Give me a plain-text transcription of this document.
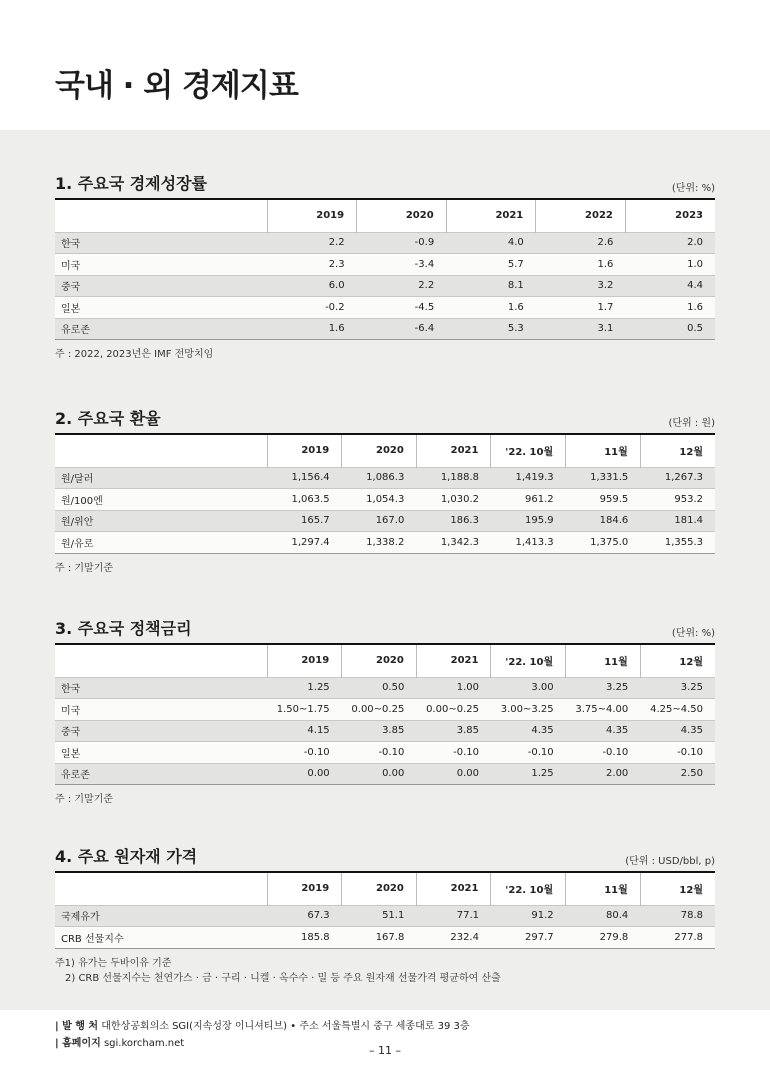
국내 · 외 경제지표
1. 주요국 경제성장률	(단위: %)
	2019	2020	2021	2022	2023
한국	2.2	-0.9	4.0	2.6	2.0
미국	2.3	-3.4	5.7	1.6	1.0
중국	6.0	2.2	8.1	3.2	4.4
일본	-0.2	-4.5	1.6	1.7	1.6
유로존	1.6	-6.4	5.3	3.1	0.5
주 : 2022, 2023년은 IMF 전망치임
2. 주요국 환율	(단위 : 원)
	2019	2020	2021	'22. 10월	11월	12월
원/달러	1,156.4	1,086.3	1,188.8	1,419.3	1,331.5	1,267.3
원/100엔	1,063.5	1,054.3	1,030.2	961.2	959.5	953.2
원/위안	165.7	167.0	186.3	195.9	184.6	181.4
원/유로	1,297.4	1,338.2	1,342.3	1,413.3	1,375.0	1,355.3
주 : 기말기준
3. 주요국 정책금리	(단위: %)
	2019	2020	2021	'22. 10월	11월	12월
한국	1.25	0.50	1.00	3.00	3.25	3.25
미국	1.50~1.75	0.00~0.25	0.00~0.25	3.00~3.25	3.75~4.00	4.25~4.50
중국	4.15	3.85	3.85	4.35	4.35	4.35
일본	-0.10	-0.10	-0.10	-0.10	-0.10	-0.10
유로존	0.00	0.00	0.00	1.25	2.00	2.50
주 : 기말기준
4. 주요 원자재 가격	(단위 : USD/bbl, p)
	2019	2020	2021	'22. 10월	11월	12월
국제유가	67.3	51.1	77.1	91.2	80.4	78.8
CRB 선물지수	185.8	167.8	232.4	297.7	279.8	277.8
주1) 유가는 두바이유 기준
2) CRB 선물지수는 천연가스 · 금 · 구리 · 니켈 · 옥수수 · 밀 등 주요 원자재 선물가격 평균하여 산출
| 발 행 처 대한상공회의소 SGI(지속성장 이니셔티브) • 주소 서울특별시 중구 세종대로 39 3층
| 홈페이지 sgi.korcham.net
– 11 –
